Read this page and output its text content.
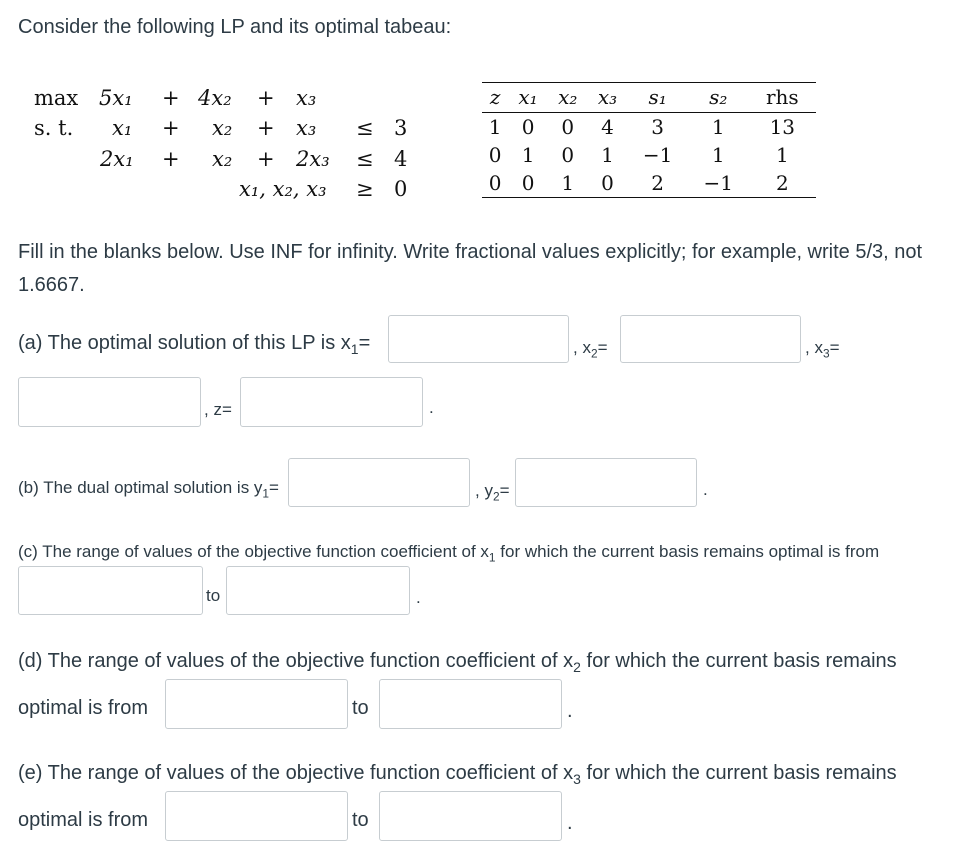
Consider the following LP and its optimal tabeau:
max 5x₁ + 4x₂ + x₃
s. t. x₁ + x₂ + x₃ ≤ 3
2x₁ + x₂ + 2x₃ ≤ 4
x₁, x₂, x₃ ≥ 0
z	x₁	x₂	x₃	s₁	s₂	rhs
1	0	0	4	3	1	13
0	1	0	1	−1	1	1
0	0	1	0	2	−1	2
Fill in the blanks below. Use INF for infinity. Write fractional values explicitly; for example, write 5/3, not 1.6667.
(a) The optimal solution of this LP is $x_1=$	, $x_2=$	, $x_3=$
, z=	.
(b) The dual optimal solution is $y_1=$	, $y_2=$	.
(c) The range of values of the objective function coefficient of $x_1$ for which the current basis remains optimal is from
to	.
(d) The range of values of the objective function coefficient of $x_2$ for which the current basis remains
optimal is from	to	.
(e) The range of values of the objective function coefficient of $x_3$ for which the current basis remains
optimal is from	to	.
